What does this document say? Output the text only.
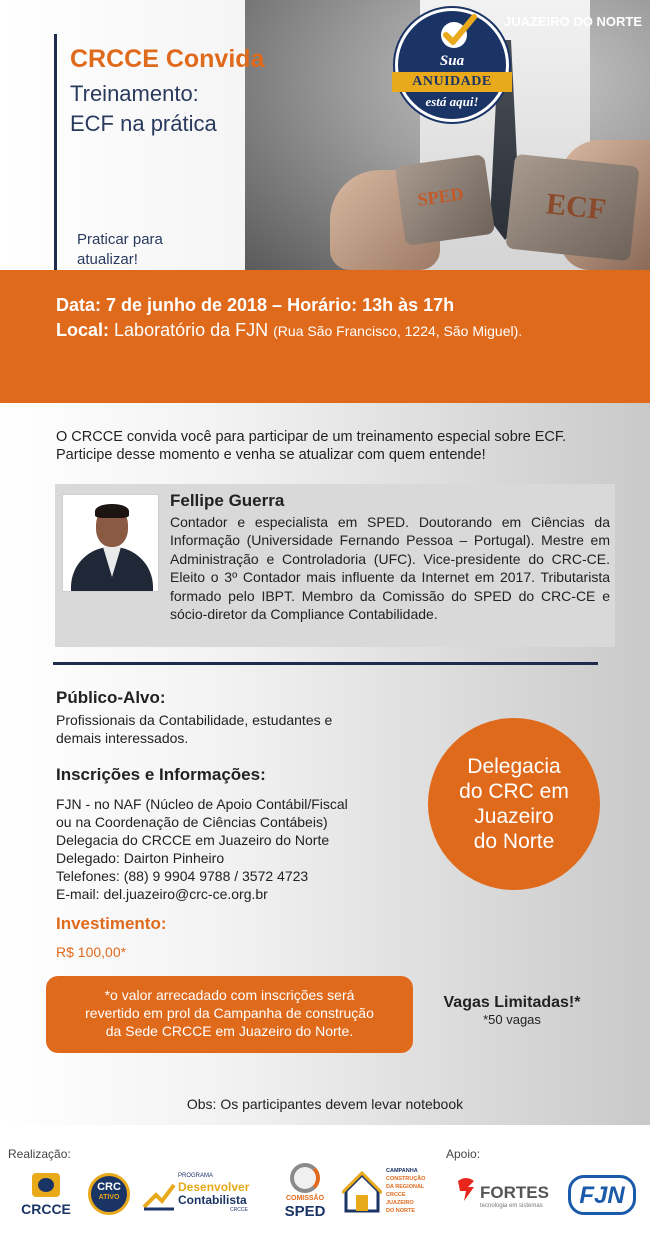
SPED	ECF
CRCCE Convida
Treinamento:
ECF na prática
Praticar para
atualizar!
JUAZEIRO DO NORTE
Sua
ANUIDADE
está aqui!
Data: 7 de junho de 2018 – Horário: 13h às 17h
Local: Laboratório da FJN (Rua São Francisco, 1224, São Miguel).
O CRCCE convida você para participar de um treinamento especial sobre ECF.
Participe desse momento e venha se atualizar com quem entende!
Fellipe Guerra
Contador e especialista em SPED. Doutorando em Ciências da Informação (Universidade Fernando Pessoa – Portugal). Mestre em Administração e Controladoria (UFC). Vice-presidente do CRC-CE. Eleito o 3º Contador mais influente da Internet em 2017. Tributarista formado pelo IBPT. Membro da Comissão do SPED do CRC-CE e sócio-diretor da Compliance Contabilidade.
Público-Alvo:
Profissionais da Contabilidade, estudantes e
demais interessados.
Inscrições e Informações:
FJN - no NAF (Núcleo de Apoio Contábil/Fiscal
ou na Coordenação de Ciências Contábeis)
Delegacia do CRCCE em Juazeiro do Norte
Delegado: Dairton Pinheiro
Telefones: (88) 9 9904 9788 / 3572 4723
E-mail: del.juazeiro@crc-ce.org.br
Delegacia
do CRC em
Juazeiro
do Norte
Investimento:
R$ 100,00*
*o valor arrecadado com inscrições será
revertido em prol da Campanha de construção
da Sede CRCCE em Juazeiro do Norte.
Vagas Limitadas!*
*50 vagas
Obs: Os participantes devem levar notebook
Realização:	Apoio:
CRCCE
CRC
ATIVO
PROGRAMA
Desenvolver
Contabilista
CRCCE
COMISSÃO
SPED
CAMPANHA
CONSTRUÇÃO
DA REGIONAL
CRCCE JUAZEIRO
DO NORTE
FORTES
tecnologia em sistemas	FJN
